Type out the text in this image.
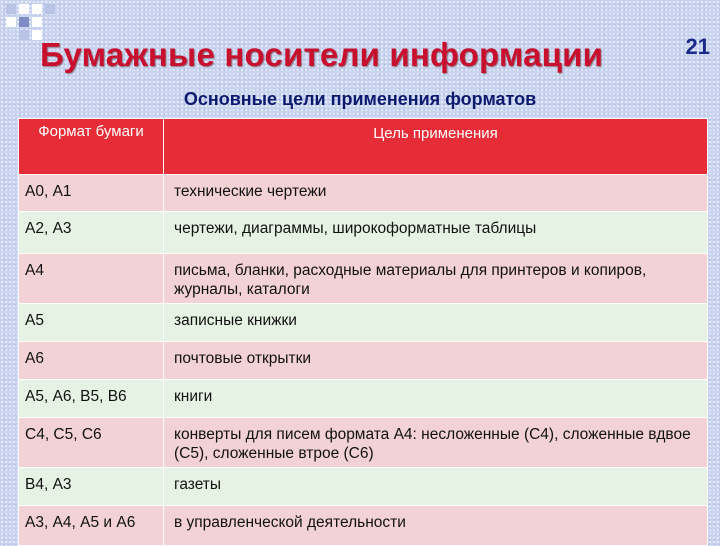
Бумажные носители информации	21
Основные цели применения форматов
Формат бумаги	Цель применения
А0, А1	технические чертежи
А2, А3	чертежи, диаграммы, широкоформатные таблицы
А4	письма, бланки, расходные материалы для принтеров и копиров, журналы, каталоги
А5	записные книжки
А6	почтовые открытки
А5, А6, В5, В6	книги
С4, С5, С6	конверты для писем формата А4: несложенные (С4), сложенные вдвое (С5), сложенные втрое (С6)
В4, А3	газеты
А3, А4, А5 и А6	в управленческой деятельности
